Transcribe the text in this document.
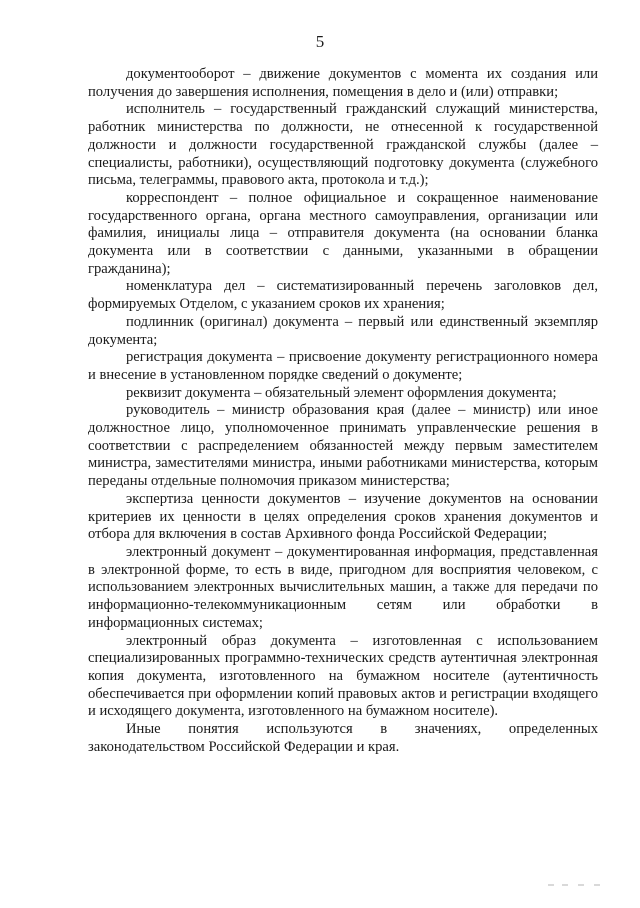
5

документооборот – движение документов с момента их создания или получения до завершения исполнения, помещения в дело и (или) отправки;

исполнитель – государственный гражданский служащий министерства, работник министерства по должности, не отнесенной к государственной должности и должности государственной гражданской службы (далее – специалисты, работники), осуществляющий подготовку документа (служебного письма, телеграммы, правового акта, протокола и т.д.);

корреспондент – полное официальное и сокращенное наименование государственного органа, органа местного самоуправления, организации или фамилия, инициалы лица – отправителя документа (на основании бланка документа или в соответствии с данными, указанными в обращении гражданина);

номенклатура дел – систематизированный перечень заголовков дел, формируемых Отделом, с указанием сроков их хранения;

подлинник (оригинал) документа – первый или единственный экземпляр документа;

регистрация документа – присвоение документу регистрационного номера и внесение в установленном порядке сведений о документе;

реквизит документа – обязательный элемент оформления документа;

руководитель – министр образования края (далее – министр) или иное должностное лицо, уполномоченное принимать управленческие решения в соответствии с распределением обязанностей между первым заместителем министра, заместителями министра, иными работниками министерства, которым переданы отдельные полномочия приказом министерства;

экспертиза ценности документов – изучение документов на основании критериев их ценности в целях определения сроков хранения документов и отбора для включения в состав Архивного фонда Российской Федерации;

электронный документ – документированная информация, представленная в электронной форме, то есть в виде, пригодном для восприятия человеком, с использованием электронных вычислительных машин, а также для передачи по информационно-телекоммуникационным сетям или обработки в информационных системах;

электронный образ документа – изготовленная с использованием специализированных программно-технических средств аутентичная электронная копия документа, изготовленного на бумажном носителе (аутентичность обеспечивается при оформлении копий правовых актов и регистрации входящего и исходящего документа, изготовленного на бумажном носителе).

Иные понятия используются в значениях, определенных законодательством Российской Федерации и края.
